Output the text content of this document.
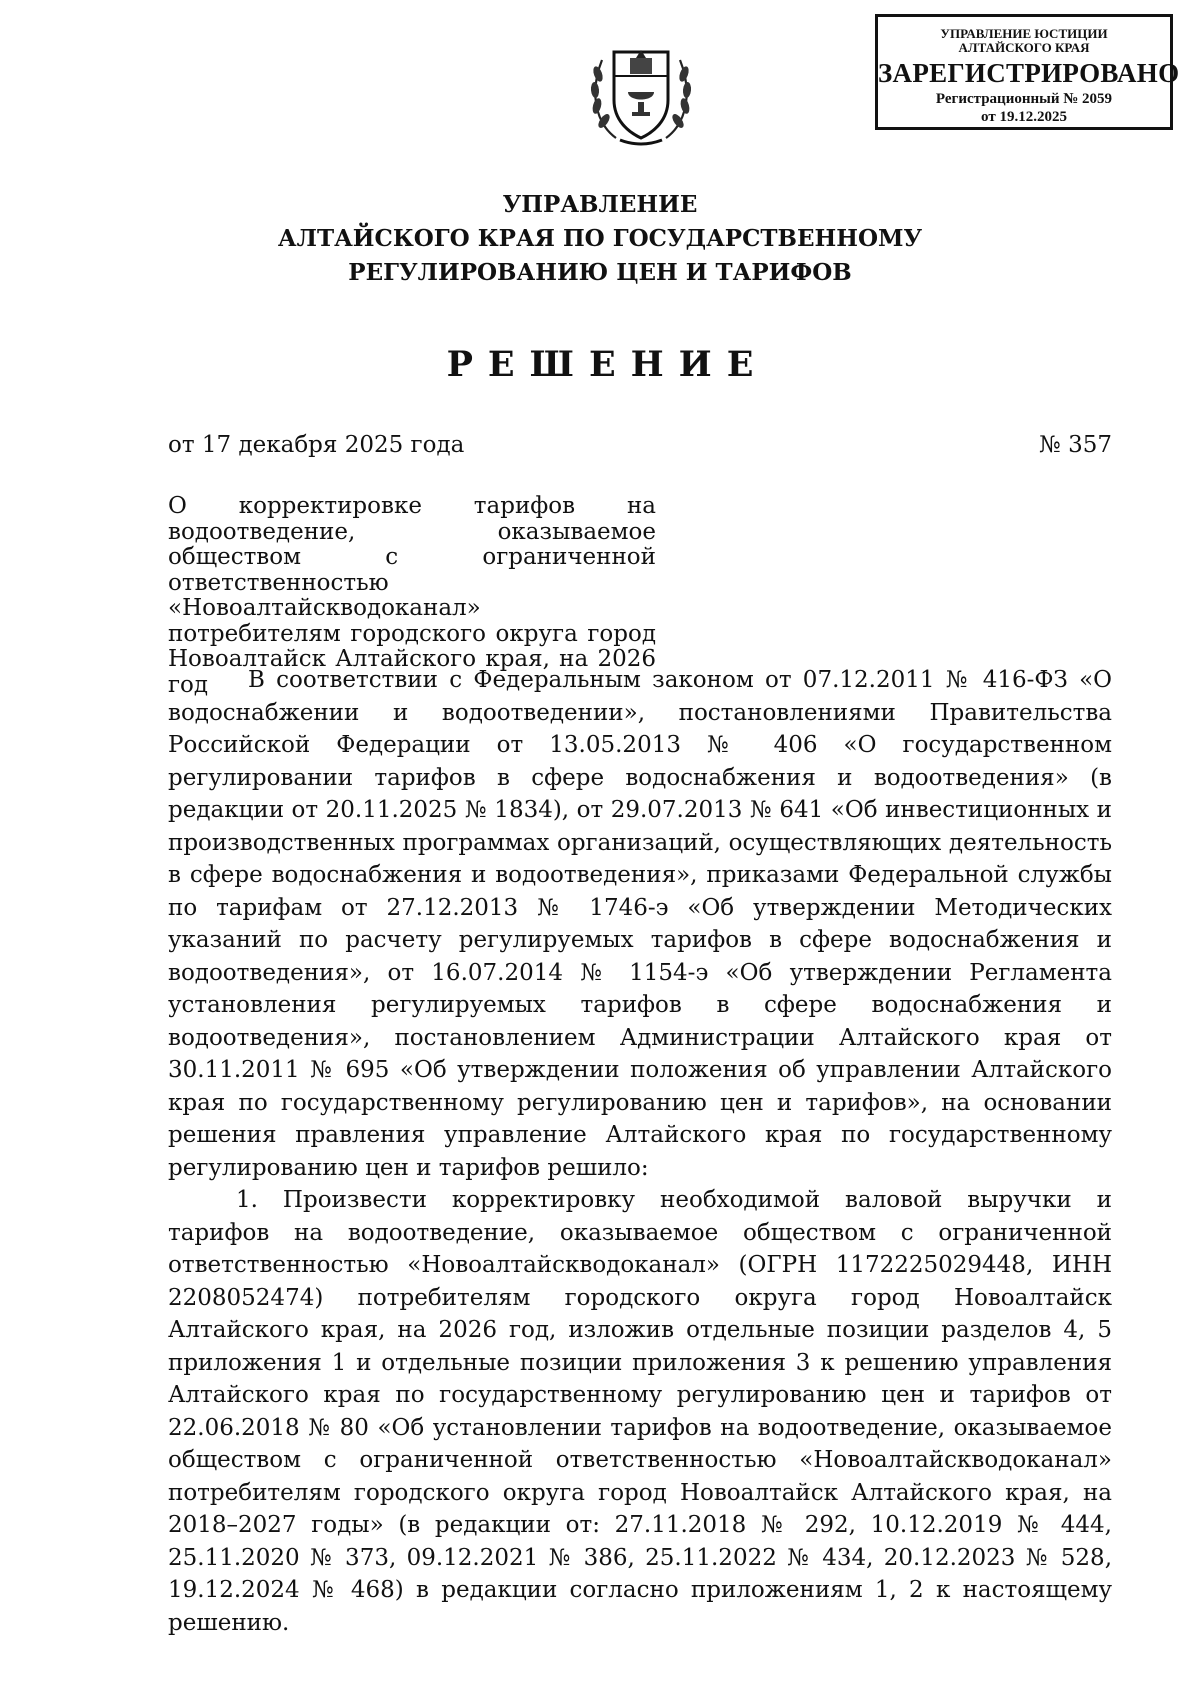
УПРАВЛЕНИЕ ЮСТИЦИИ
АЛТАЙСКОГО КРАЯ
ЗАРЕГИСТРИРОВАНО
Регистрационный № 2059
от 19.12.2025
УПРАВЛЕНИЕ
АЛТАЙСКОГО КРАЯ ПО ГОСУДАРСТВЕННОМУ
РЕГУЛИРОВАНИЮ ЦЕН И ТАРИФОВ
РЕШЕНИЕ
от 17 декабря 2025 года	№ 357
О корректировке тарифов на водоотведение, оказываемое обществом с ограниченной ответственностью «Новоалтайскводоканал» потребителям городского округа город Новоалтайск Алтайского края, на 2026 год	В соответствии с Федеральным законом от 07.12.2011 № 416-ФЗ «О водоснабжении и водоотведении», постановлениями Правительства Российской Федерации от 13.05.2013 № 406 «О государственном регулировании тарифов в сфере водоснабжения и водоотведения» (в редакции от 20.11.2025 № 1834), от 29.07.2013 № 641 «Об инвестиционных и производственных программах организаций, осуществляющих деятельность в сфере водоснабжения и водоотведения», приказами Федеральной службы по тарифам от 27.12.2013 № 1746-э «Об утверждении Методических указаний по расчету регулируемых тарифов в сфере водоснабжения и водоотведения», от 16.07.2014 № 1154-э «Об утверждении Регламента установления регулируемых тарифов в сфере водоснабжения и водоотведения», постановлением Администрации Алтайского края от 30.11.2011 № 695 «Об утверждении положения об управлении Алтайского края по государственному регулированию цен и тарифов», на основании решения правления управление Алтайского края по государственному регулированию цен и тарифов решило:

1. Произвести корректировку необходимой валовой выручки и тарифов на водоотведение, оказываемое обществом с ограниченной ответственностью «Новоалтайскводоканал» (ОГРН 1172225029448, ИНН 2208052474) потребителям городского округа город Новоалтайск Алтайского края, на 2026 год, изложив отдельные позиции разделов 4, 5 приложения 1 и отдельные позиции приложения 3 к решению управления Алтайского края по государственному регулированию цен и тарифов от 22.06.2018 № 80 «Об установлении тарифов на водоотведение, оказываемое обществом с ограниченной ответственностью «Новоалтайскводоканал» потребителям городского округа город Новоалтайск Алтайского края, на 2018–2027 годы» (в редакции от: 27.11.2018 № 292, 10.12.2019 № 444, 25.11.2020 № 373, 09.12.2021 № 386, 25.11.2022 № 434, 20.12.2023 № 528, 19.12.2024 № 468) в редакции согласно приложениям 1, 2 к настоящему решению.
